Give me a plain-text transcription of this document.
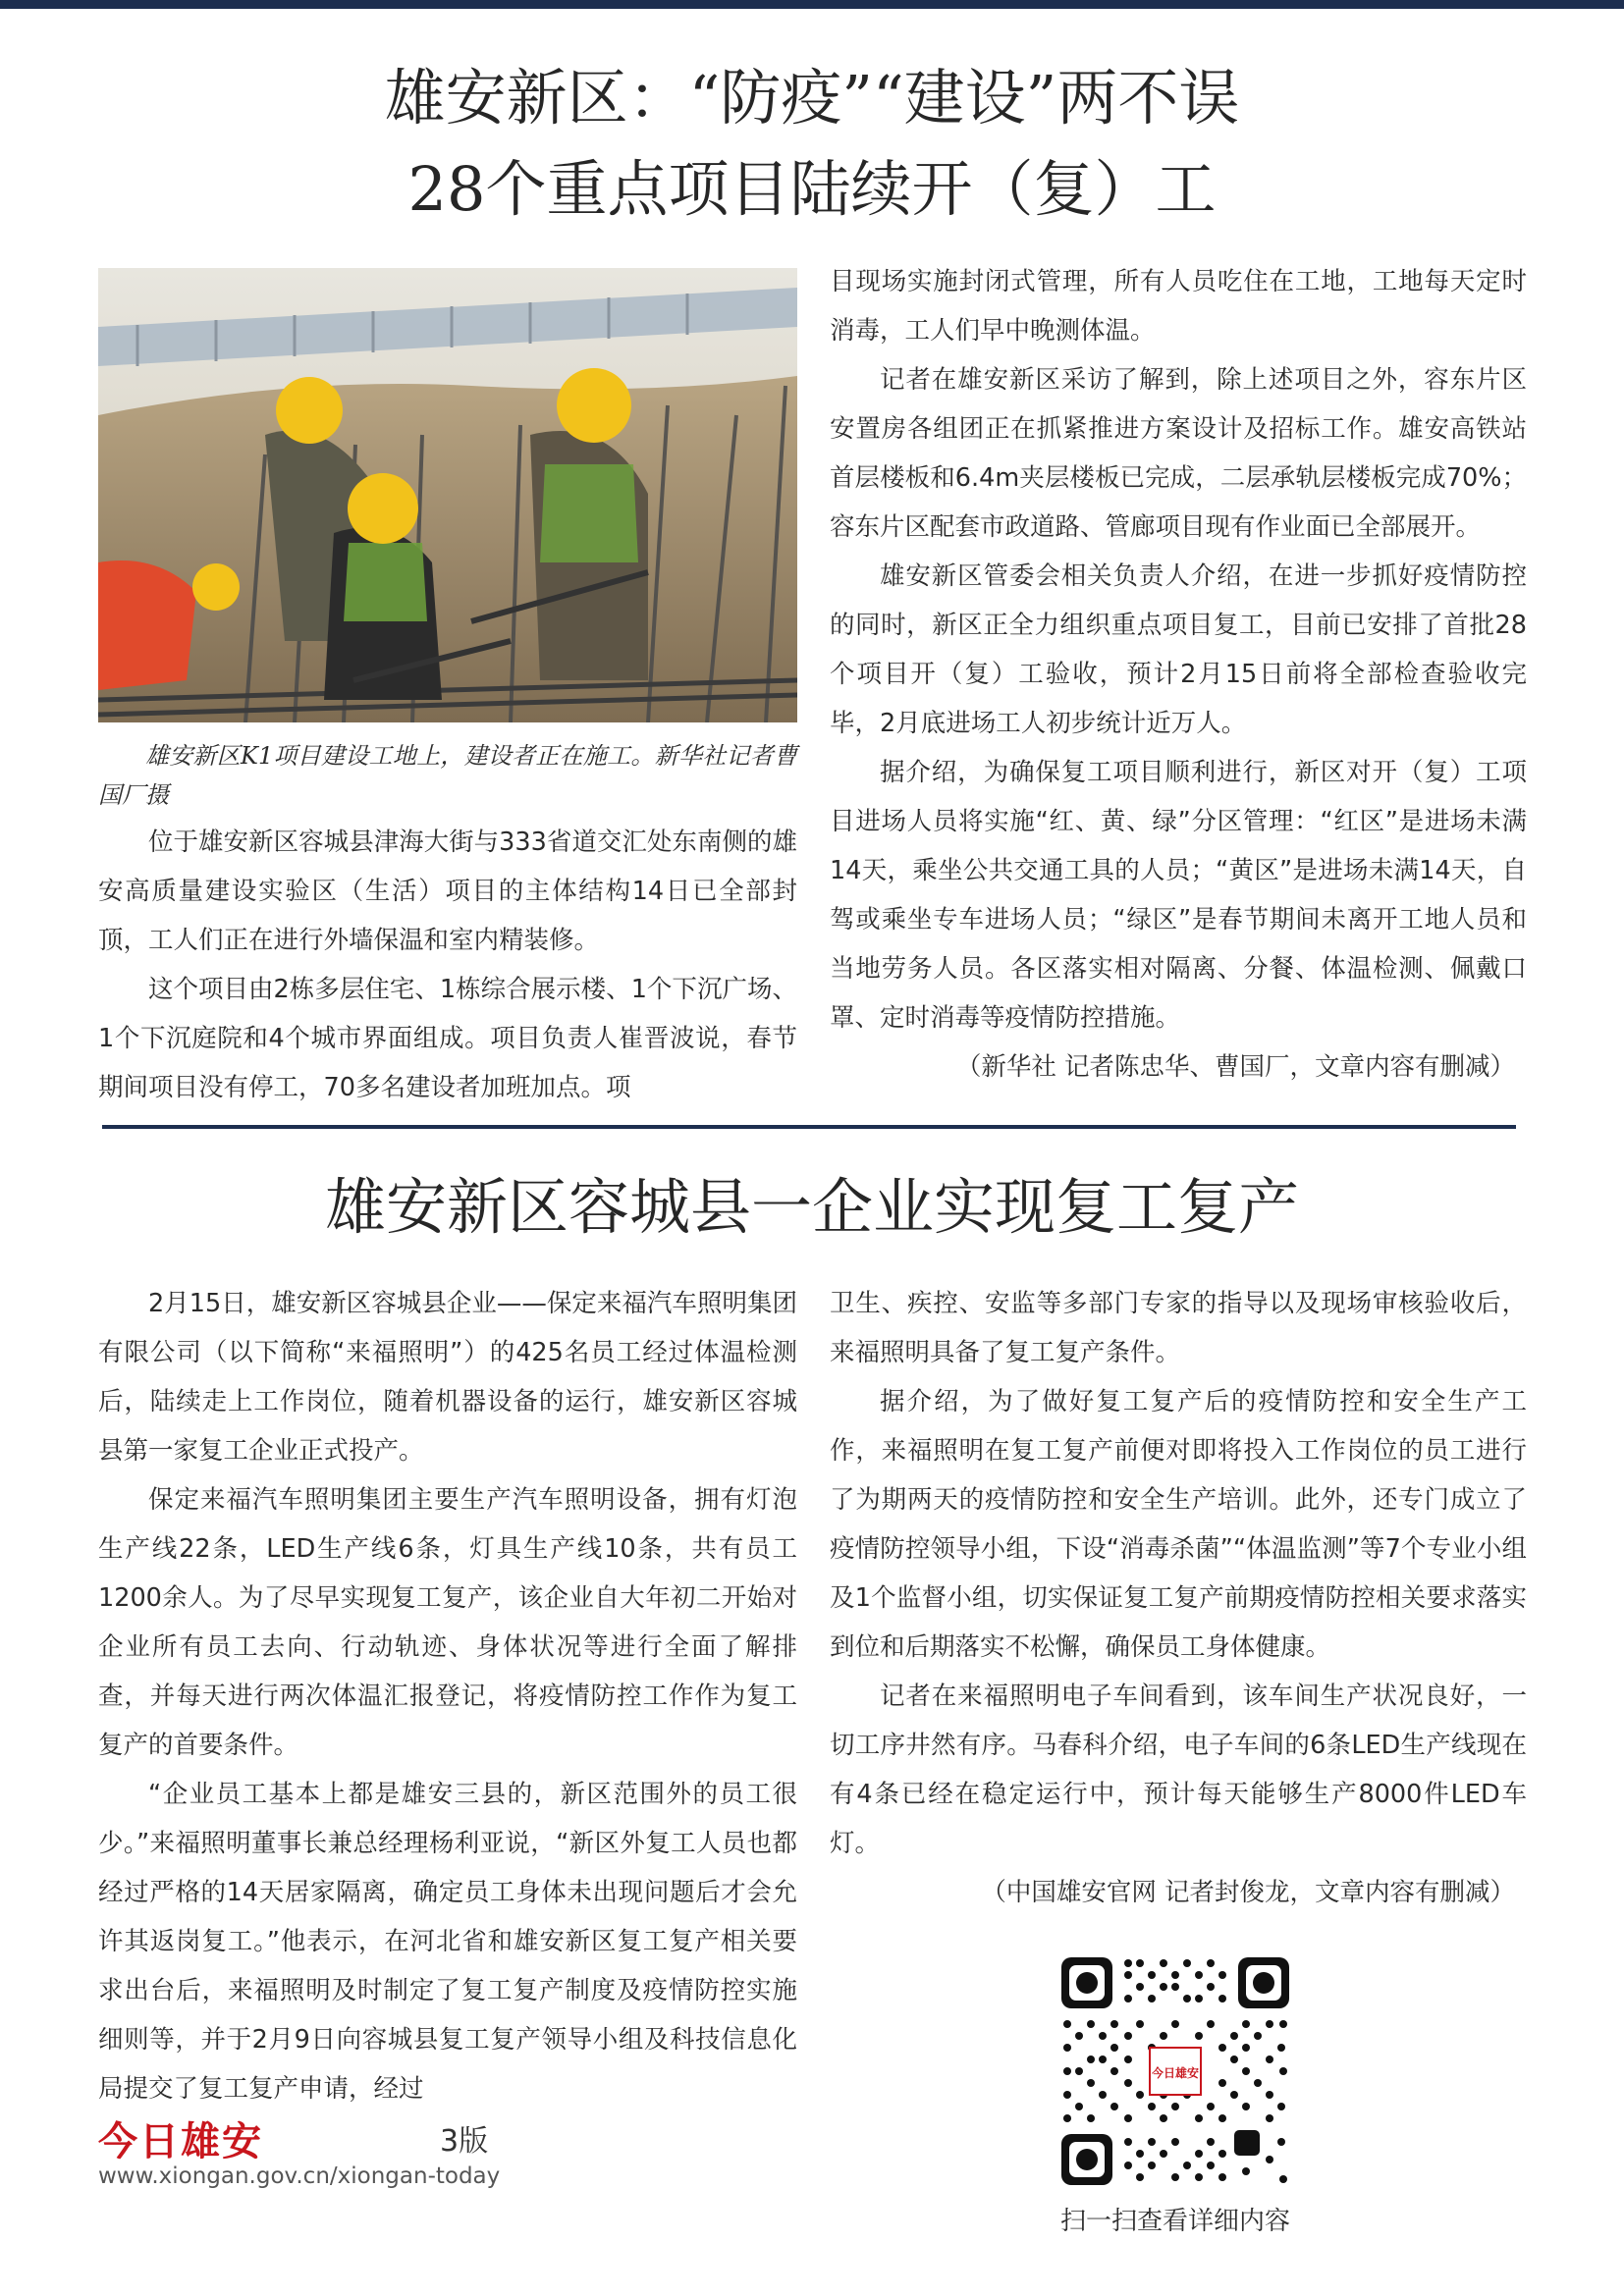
雄安新区：“防疫”“建设”两不误
28个重点项目陆续开（复）工
雄安新区K1项目建设工地上，建设者正在施工。新华社记者曹国厂摄

位于雄安新区容城县津海大街与333省道交汇处东南侧的雄安高质量建设实验区（生活）项目的主体结构14日已全部封顶，工人们正在进行外墙保温和室内精装修。

这个项目由2栋多层住宅、1栋综合展示楼、1个下沉广场、1个下沉庭院和4个城市界面组成。项目负责人崔晋波说，春节期间项目没有停工，70多名建设者加班加点。项

目现场实施封闭式管理，所有人员吃住在工地，工地每天定时消毒，工人们早中晚测体温。

记者在雄安新区采访了解到，除上述项目之外，容东片区安置房各组团正在抓紧推进方案设计及招标工作。雄安高铁站首层楼板和6.4m夹层楼板已完成，二层承轨层楼板完成70%；容东片区配套市政道路、管廊项目现有作业面已全部展开。

雄安新区管委会相关负责人介绍，在进一步抓好疫情防控的同时，新区正全力组织重点项目复工，目前已安排了首批28个项目开（复）工验收，预计2月15日前将全部检查验收完毕，2月底进场工人初步统计近万人。

据介绍，为确保复工项目顺利进行，新区对开（复）工项目进场人员将实施“红、黄、绿”分区管理：“红区”是进场未满14天，乘坐公共交通工具的人员；“黄区”是进场未满14天，自驾或乘坐专车进场人员；“绿区”是春节期间未离开工地人员和当地劳务人员。各区落实相对隔离、分餐、体温检测、佩戴口罩、定时消毒等疫情防控措施。

（新华社 记者陈忠华、曹国厂，文章内容有删减）

雄安新区容城县一企业实现复工复产

2月15日，雄安新区容城县企业——保定来福汽车照明集团有限公司（以下简称“来福照明”）的425名员工经过体温检测后，陆续走上工作岗位，随着机器设备的运行，雄安新区容城县第一家复工企业正式投产。

保定来福汽车照明集团主要生产汽车照明设备，拥有灯泡生产线22条，LED生产线6条，灯具生产线10条，共有员工1200余人。为了尽早实现复工复产，该企业自大年初二开始对企业所有员工去向、行动轨迹、身体状况等进行全面了解排查，并每天进行两次体温汇报登记，将疫情防控工作作为复工复产的首要条件。

“企业员工基本上都是雄安三县的，新区范围外的员工很少。”来福照明董事长兼总经理杨利亚说，“新区外复工人员也都经过严格的14天居家隔离，确定员工身体未出现问题后才会允许其返岗复工。”他表示，在河北省和雄安新区复工复产相关要求出台后，来福照明及时制定了复工复产制度及疫情防控实施细则等，并于2月9日向容城县复工复产领导小组及科技信息化局提交了复工复产申请，经过

卫生、疾控、安监等多部门专家的指导以及现场审核验收后，来福照明具备了复工复产条件。

据介绍，为了做好复工复产后的疫情防控和安全生产工作，来福照明在复工复产前便对即将投入工作岗位的员工进行了为期两天的疫情防控和安全生产培训。此外，还专门成立了疫情防控领导小组，下设“消毒杀菌”“体温监测”等7个专业小组及1个监督小组，切实保证复工复产前期疫情防控相关要求落实到位和后期落实不松懈，确保员工身体健康。

记者在来福照明电子车间看到，该车间生产状况良好，一切工序井然有序。马春科介绍，电子车间的6条LED生产线现在有4条已经在稳定运行中，预计每天能够生产8000件LED车灯。

（中国雄安官网 记者封俊龙，文章内容有删减）

今日雄安	3版
www.xiongan.gov.cn/xiongan-today
今日雄安
扫一扫查看详细内容
